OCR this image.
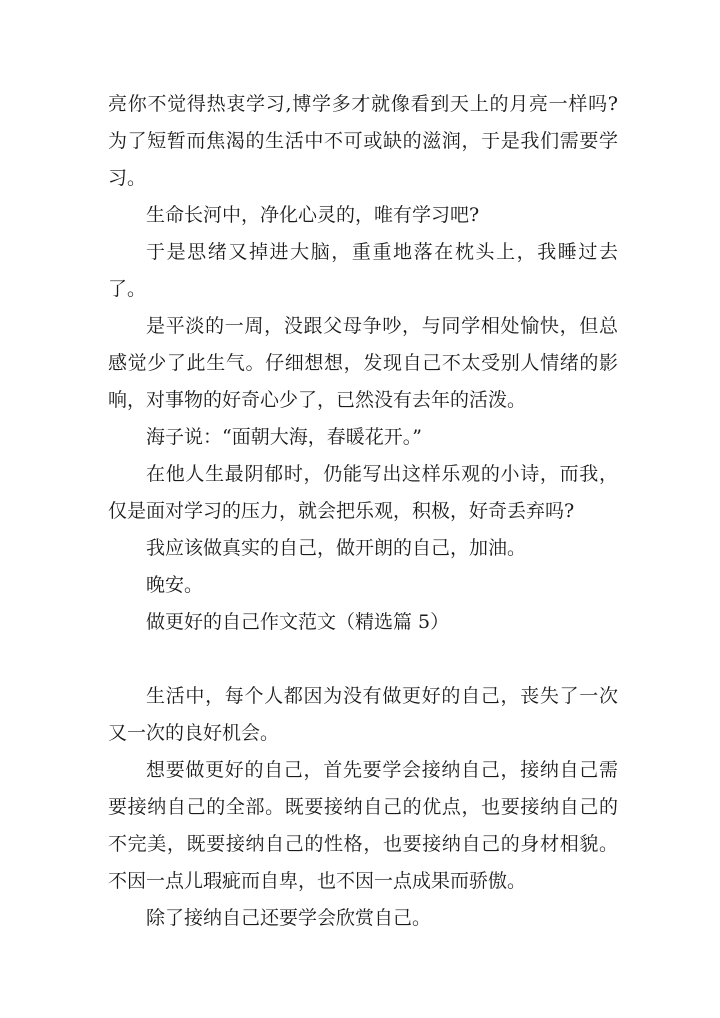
亮你不觉得热衷学习,博学多才就像看到天上的月亮一样吗?为了短暂而焦渴的生活中不可或缺的滋润，于是我们需要学习。

生命长河中，净化心灵的，唯有学习吧?

于是思绪又掉进大脑，重重地落在枕头上，我睡过去了。

是平淡的一周，没跟父母争吵，与同学相处愉快，但总感觉少了此生气。仔细想想，发现自己不太受别人情绪的影响，对事物的好奇心少了，已然没有去年的活泼。

海子说：“面朝大海，春暖花开。”

在他人生最阴郁时，仍能写出这样乐观的小诗，而我，仅是面对学习的压力，就会把乐观，积极，好奇丢弃吗?

我应该做真实的自己，做开朗的自己，加油。

晚安。

做更好的自己作文范文（精选篇 5）

生活中，每个人都因为没有做更好的自己，丧失了一次又一次的良好机会。

想要做更好的自己，首先要学会接纳自己，接纳自己需要接纳自己的全部。既要接纳自己的优点，也要接纳自己的不完美，既要接纳自己的性格，也要接纳自己的身材相貌。不因一点儿瑕疵而自卑，也不因一点成果而骄傲。

除了接纳自己还要学会欣赏自己。
